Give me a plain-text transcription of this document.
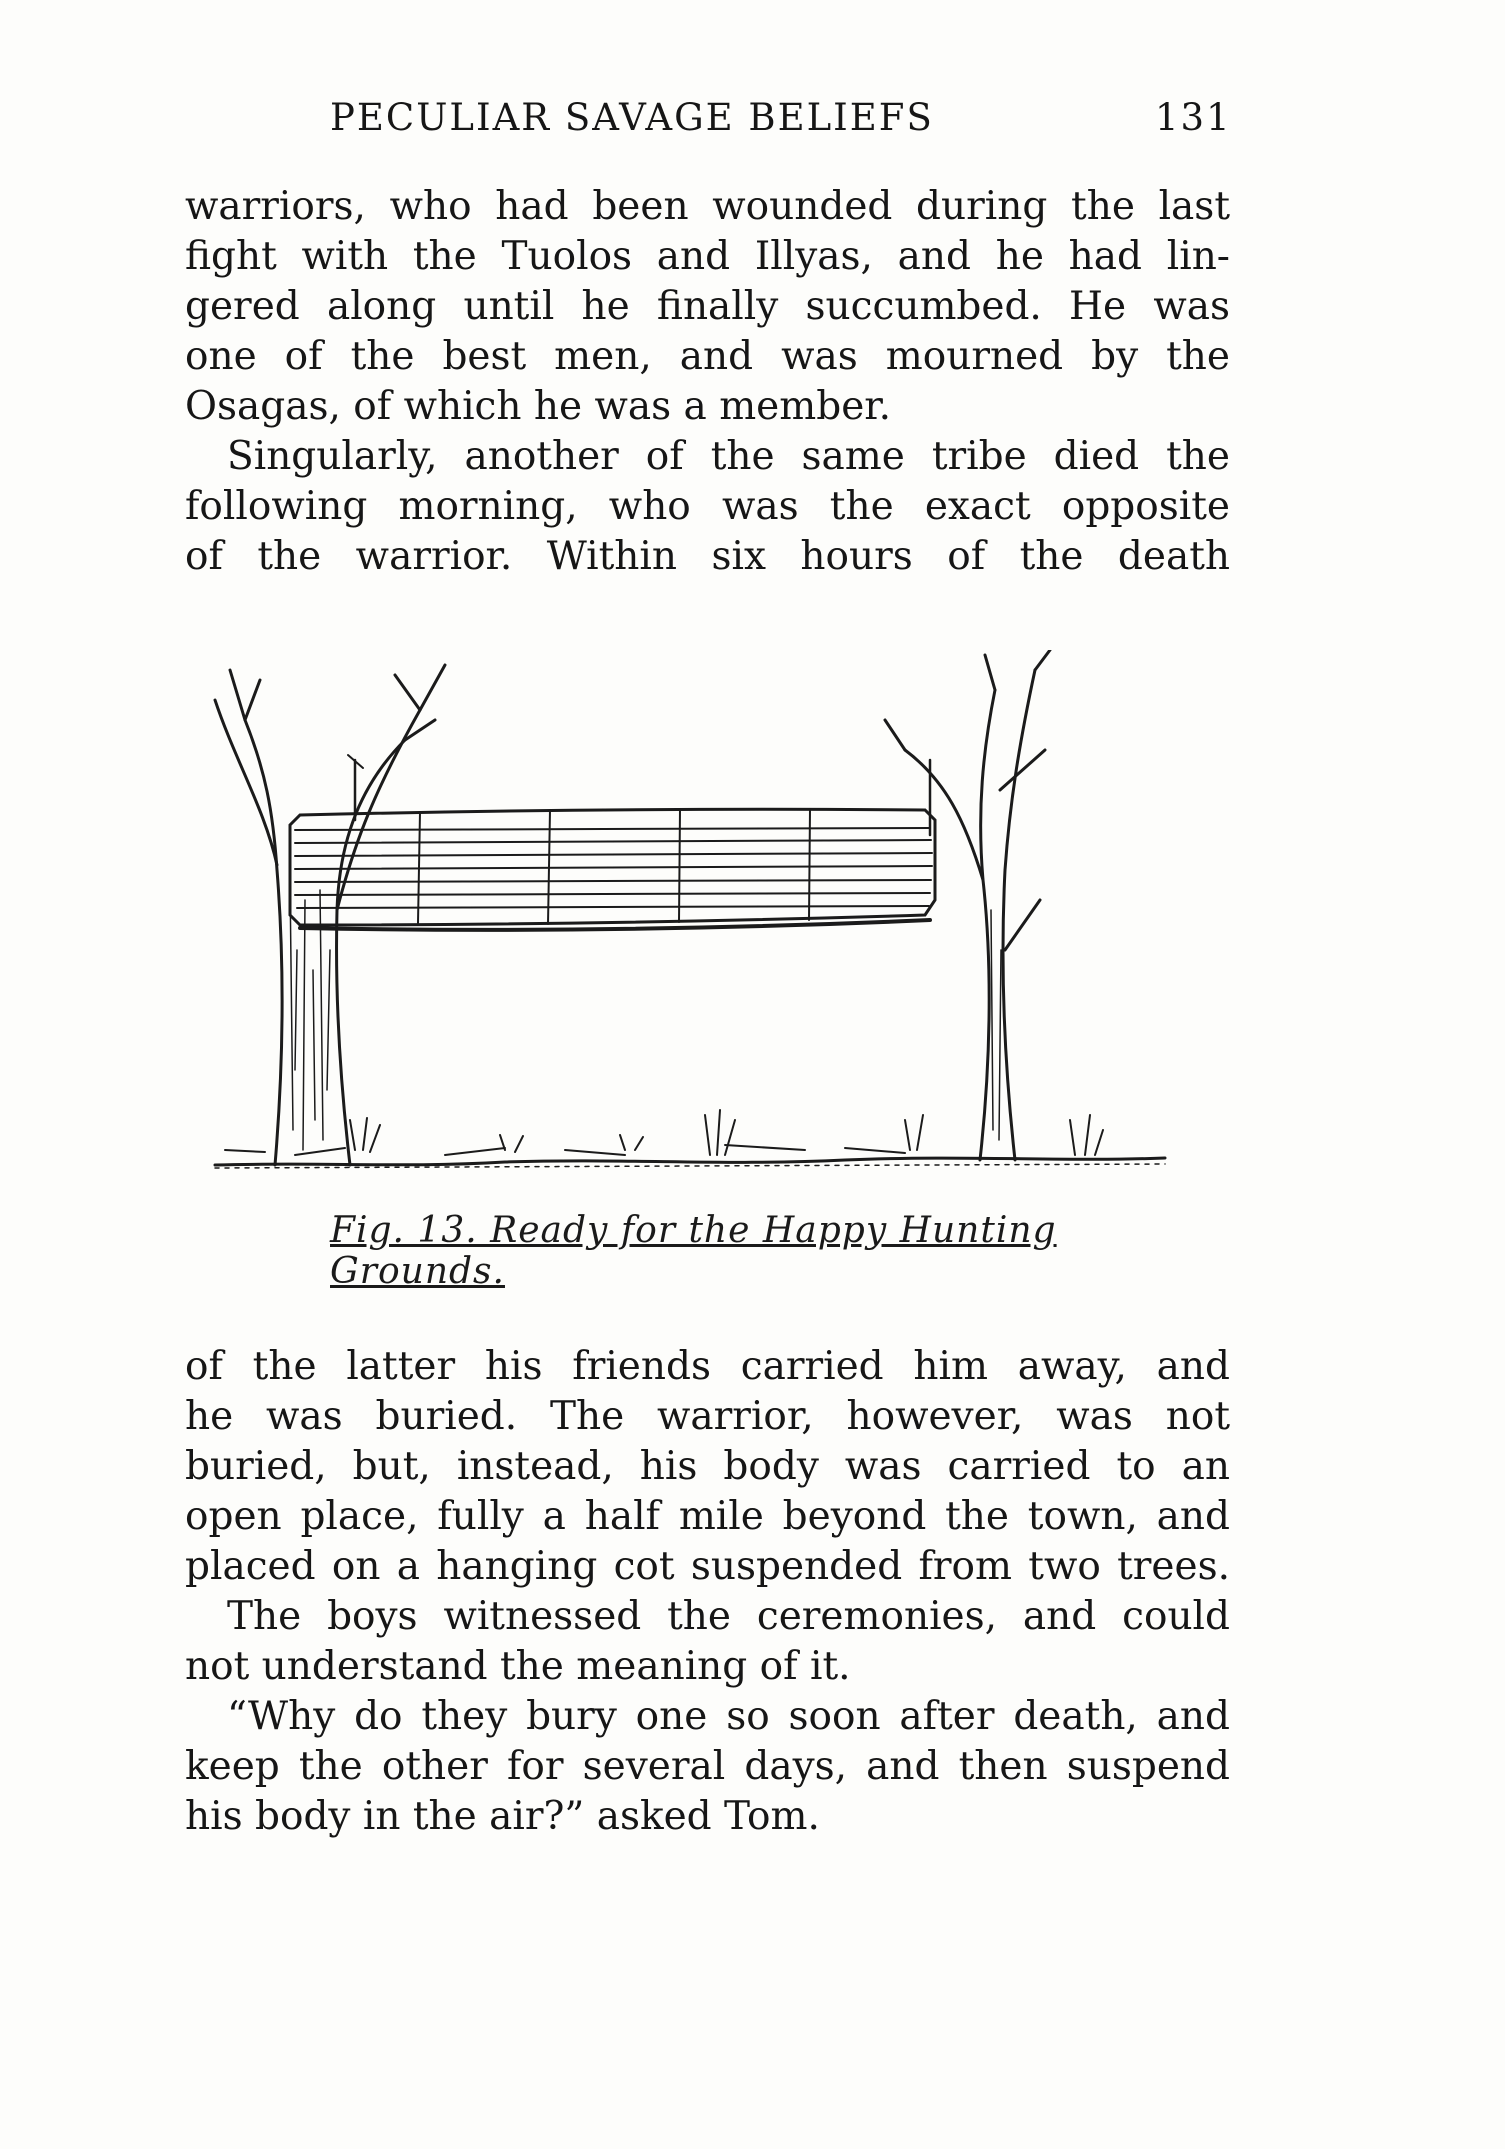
PECULIAR SAVAGE BELIEFS	131
warriors, who had been wounded during the last
fight with the Tuolos and Illyas, and he had lin-
gered along until he finally succumbed. He was
one of the best men, and was mourned by the
Osagas, of which he was a member.
Singularly, another of the same tribe died the
following morning, who was the exact opposite
of the warrior. Within six hours of the death
Fig. 13. Ready for the Happy Hunting Grounds.
of the latter his friends carried him away, and
he was buried. The warrior, however, was not
buried, but, instead, his body was carried to an
open place, fully a half mile beyond the town, and
placed on a hanging cot suspended from two trees.
The boys witnessed the ceremonies, and could
not understand the meaning of it.
“Why do they bury one so soon after death, and
keep the other for several days, and then suspend
his body in the air?” asked Tom.
